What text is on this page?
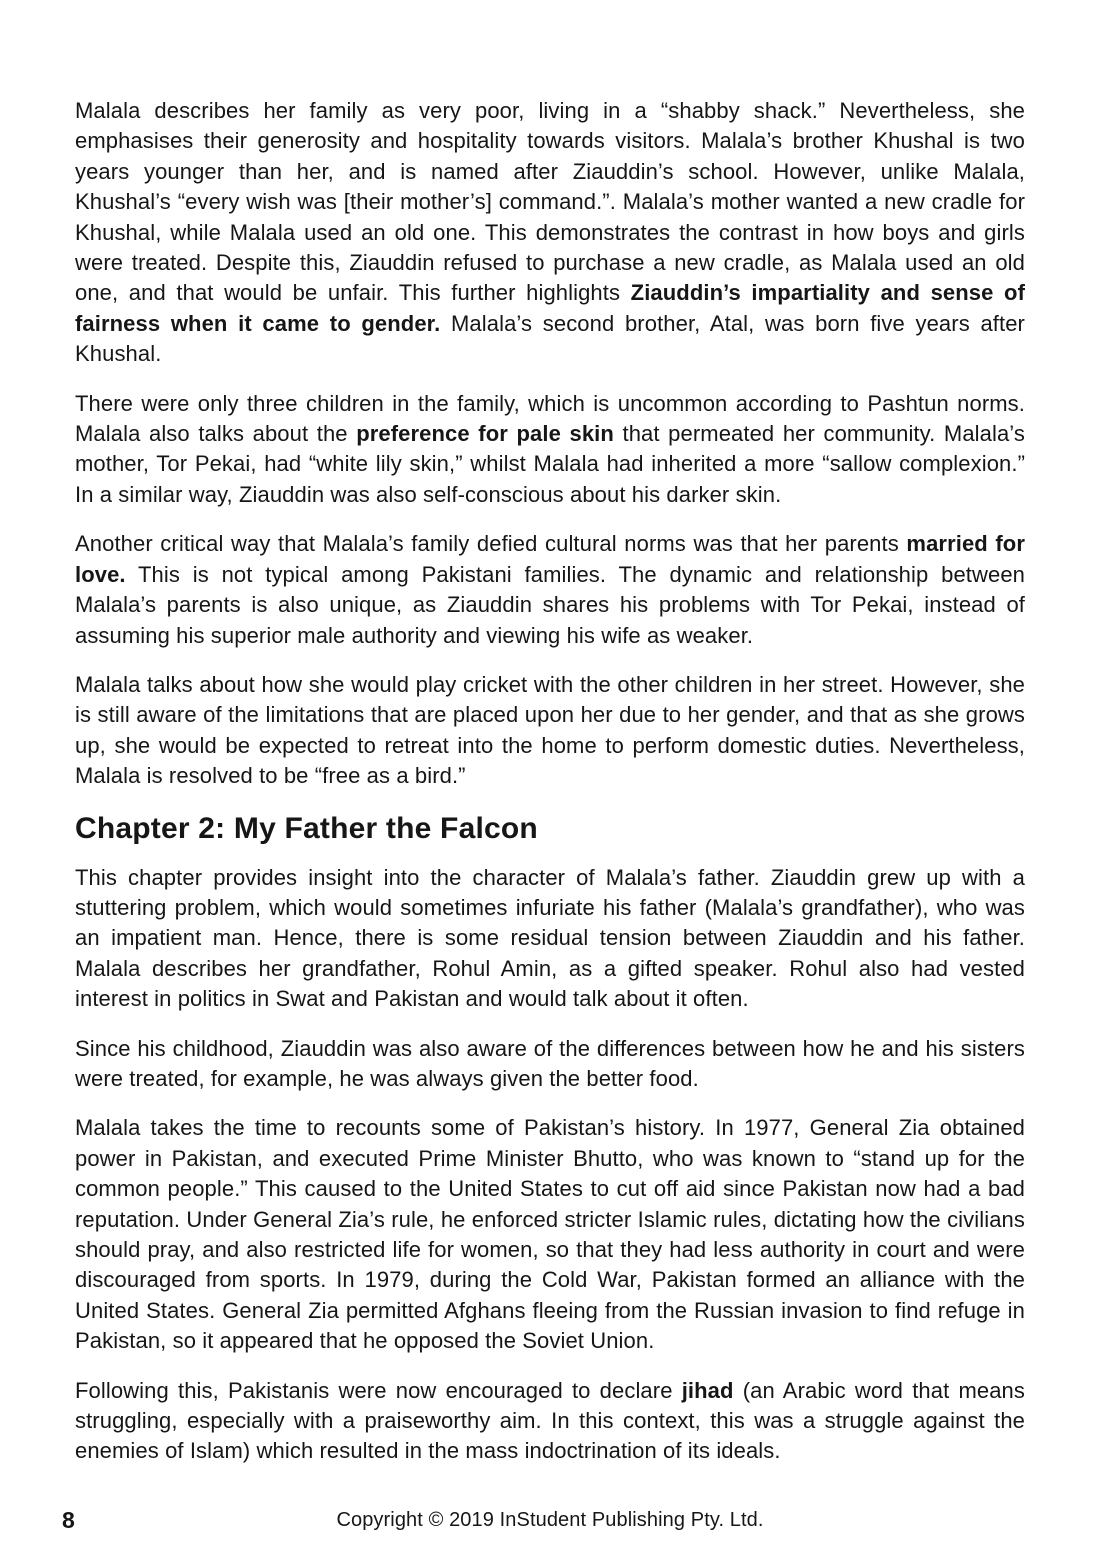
Malala describes her family as very poor, living in a “shabby shack.” Nevertheless, she emphasises their generosity and hospitality towards visitors. Malala’s brother Khushal is two years younger than her, and is named after Ziauddin’s school. However, unlike Malala, Khushal’s “every wish was [their mother’s] command.”. Malala’s mother wanted a new cradle for Khushal, while Malala used an old one. This demonstrates the contrast in how boys and girls were treated. Despite this, Ziauddin refused to purchase a new cradle, as Malala used an old one, and that would be unfair. This further highlights Ziauddin’s impartiality and sense of fairness when it came to gender. Malala’s second brother, Atal, was born five years after Khushal.

There were only three children in the family, which is uncommon according to Pashtun norms. Malala also talks about the preference for pale skin that permeated her community. Malala’s mother, Tor Pekai, had “white lily skin,” whilst Malala had inherited a more “sallow complexion.” In a similar way, Ziauddin was also self-conscious about his darker skin.

Another critical way that Malala’s family defied cultural norms was that her parents married for love. This is not typical among Pakistani families. The dynamic and relationship between Malala’s parents is also unique, as Ziauddin shares his problems with Tor Pekai, instead of assuming his superior male authority and viewing his wife as weaker.

Malala talks about how she would play cricket with the other children in her street. However, she is still aware of the limitations that are placed upon her due to her gender, and that as she grows up, she would be expected to retreat into the home to perform domestic duties. Nevertheless, Malala is resolved to be “free as a bird.”

Chapter 2: My Father the Falcon

This chapter provides insight into the character of Malala’s father. Ziauddin grew up with a stuttering problem, which would sometimes infuriate his father (Malala’s grandfather), who was an impatient man. Hence, there is some residual tension between Ziauddin and his father. Malala describes her grandfather, Rohul Amin, as a gifted speaker. Rohul also had vested interest in politics in Swat and Pakistan and would talk about it often.

Since his childhood, Ziauddin was also aware of the differences between how he and his sisters were treated, for example, he was always given the better food.

Malala takes the time to recounts some of Pakistan’s history. In 1977, General Zia obtained power in Pakistan, and executed Prime Minister Bhutto, who was known to “stand up for the common people.” This caused to the United States to cut off aid since Pakistan now had a bad reputation. Under General Zia’s rule, he enforced stricter Islamic rules, dictating how the civilians should pray, and also restricted life for women, so that they had less authority in court and were discouraged from sports. In 1979, during the Cold War, Pakistan formed an alliance with the United States. General Zia permitted Afghans fleeing from the Russian invasion to find refuge in Pakistan, so it appeared that he opposed the Soviet Union.

Following this, Pakistanis were now encouraged to declare jihad (an Arabic word that means struggling, especially with a praiseworthy aim. In this context, this was a struggle against the enemies of Islam) which resulted in the mass indoctrination of its ideals.

8	Copyright © 2019 InStudent Publishing Pty. Ltd.
